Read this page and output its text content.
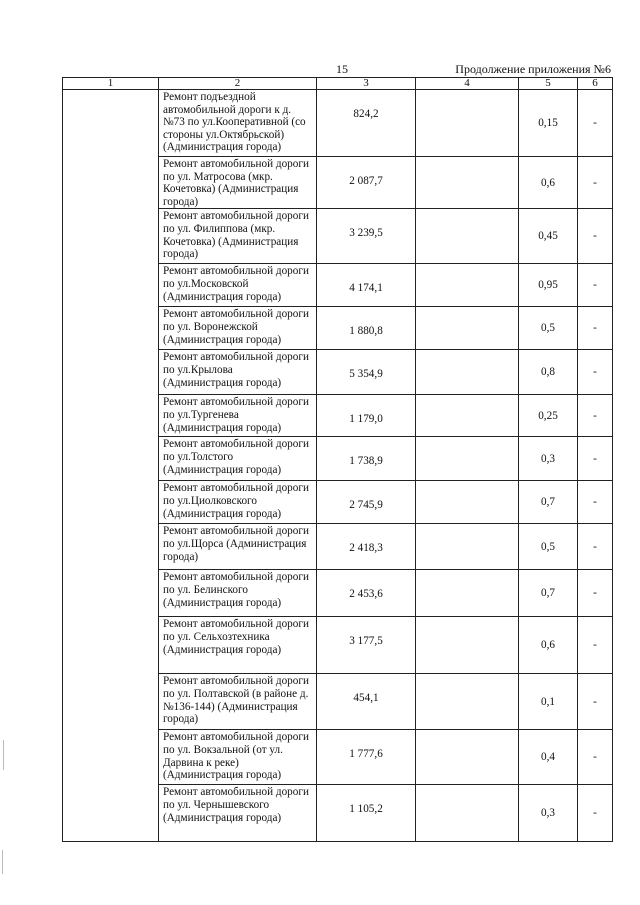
15	Продолжение приложения №6
1	2	3	4	5	6
	Ремонт подъездной автомобильной дороги к д. №73 по ул.Кооперативной (со стороны ул.Октябрьской) (Администрация города)	824,2		0,15	-
	Ремонт автомобильной дороги по ул. Матросова (мкр. Кочетовка) (Администрация города)	2 087,7		0,6	-
	Ремонт автомобильной дороги по ул. Филиппова (мкр. Кочетовка) (Администрация города)	3 239,5		0,45	-
	Ремонт автомобильной дороги по ул.Московской (Администрация города)	4 174,1		0,95	-
	Ремонт автомобильной дороги по ул. Воронежской (Администрация города)	1 880,8		0,5	-
	Ремонт автомобильной дороги по ул.Крылова (Администрация города)	5 354,9		0,8	-
	Ремонт автомобильной дороги по ул.Тургенева (Администрация города)	1 179,0		0,25	-
	Ремонт автомобильной дороги по ул.Толстого (Администрация города)	1 738,9		0,3	-
	Ремонт автомобильной дороги по ул.Циолковского (Администрация города)	2 745,9		0,7	-
	Ремонт автомобильной дороги по ул.Щорса (Администрация города)	2 418,3		0,5	-
	Ремонт автомобильной дороги по ул. Белинского (Администрация города)	2 453,6		0,7	-
	Ремонт автомобильной дороги по ул. Сельхозтехника (Администрация города)	3 177,5		0,6	-
	Ремонт автомобильной дороги по ул. Полтавской (в районе д. №136-144) (Администрация города)	454,1		0,1	-
	Ремонт автомобильной дороги по ул. Вокзальной (от ул. Дарвина к реке) (Администрация города)	1 777,6		0,4	-
	Ремонт автомобильной дороги по ул. Чернышевского (Администрация города)	1 105,2		0,3	-
